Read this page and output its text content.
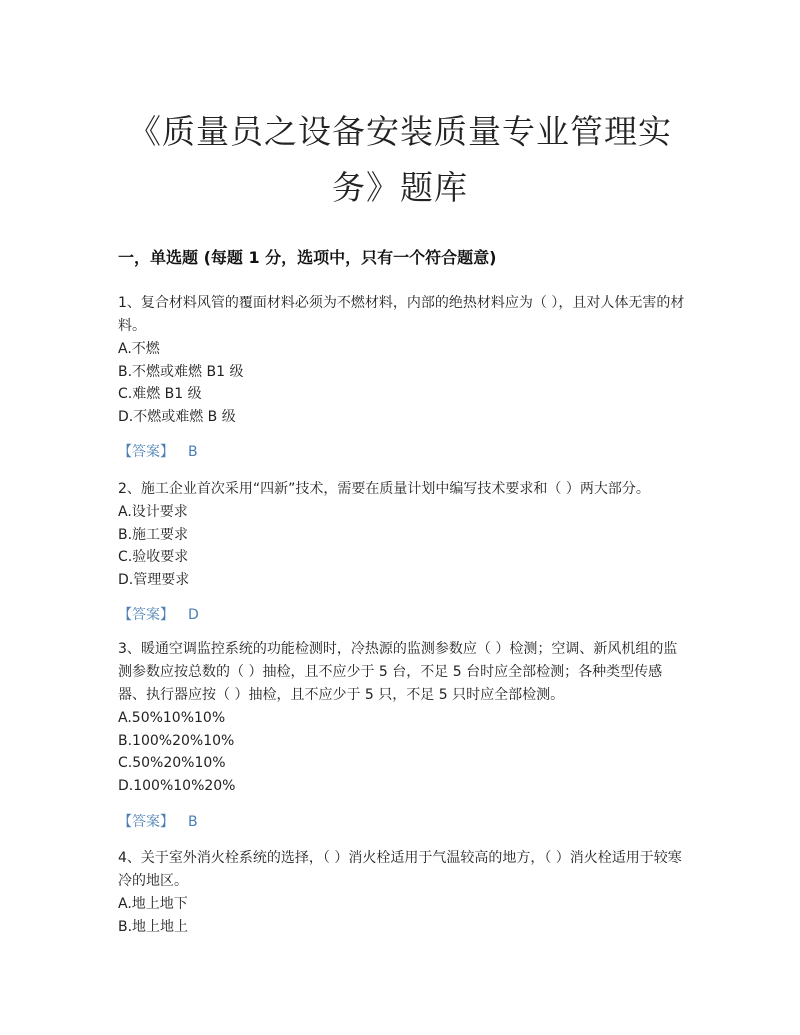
《质量员之设备安装质量专业管理实
务》题库
一，单选题 (每题 1 分，选项中，只有一个符合题意)

1、复合材料风管的覆面材料必须为不燃材料，内部的绝热材料应为（ ），且对人体无害的材料。

A.不燃
B.不燃或难燃 B1 级
C.难燃 B1 级
D.不燃或难燃 B 级
【答案】 B

2、施工企业首次采用“四新”技术，需要在质量计划中编写技术要求和（ ）两大部分。

A.设计要求
B.施工要求
C.验收要求
D.管理要求
【答案】 D

3、暖通空调监控系统的功能检测时，冷热源的监测参数应（ ）检测；空调、新风机组的监测参数应按总数的（ ）抽检，且不应少于 5 台，不足 5 台时应全部检测；各种类型传感器、执行器应按（ ）抽检，且不应少于 5 只，不足 5 只时应全部检测。

A.50%10%10%
B.100%20%10%
C.50%20%10%
D.100%10%20%
【答案】 B

4、关于室外消火栓系统的选择，（ ）消火栓适用于气温较高的地方，（ ）消火栓适用于较寒冷的地区。

A.地上地下
B.地上地上
